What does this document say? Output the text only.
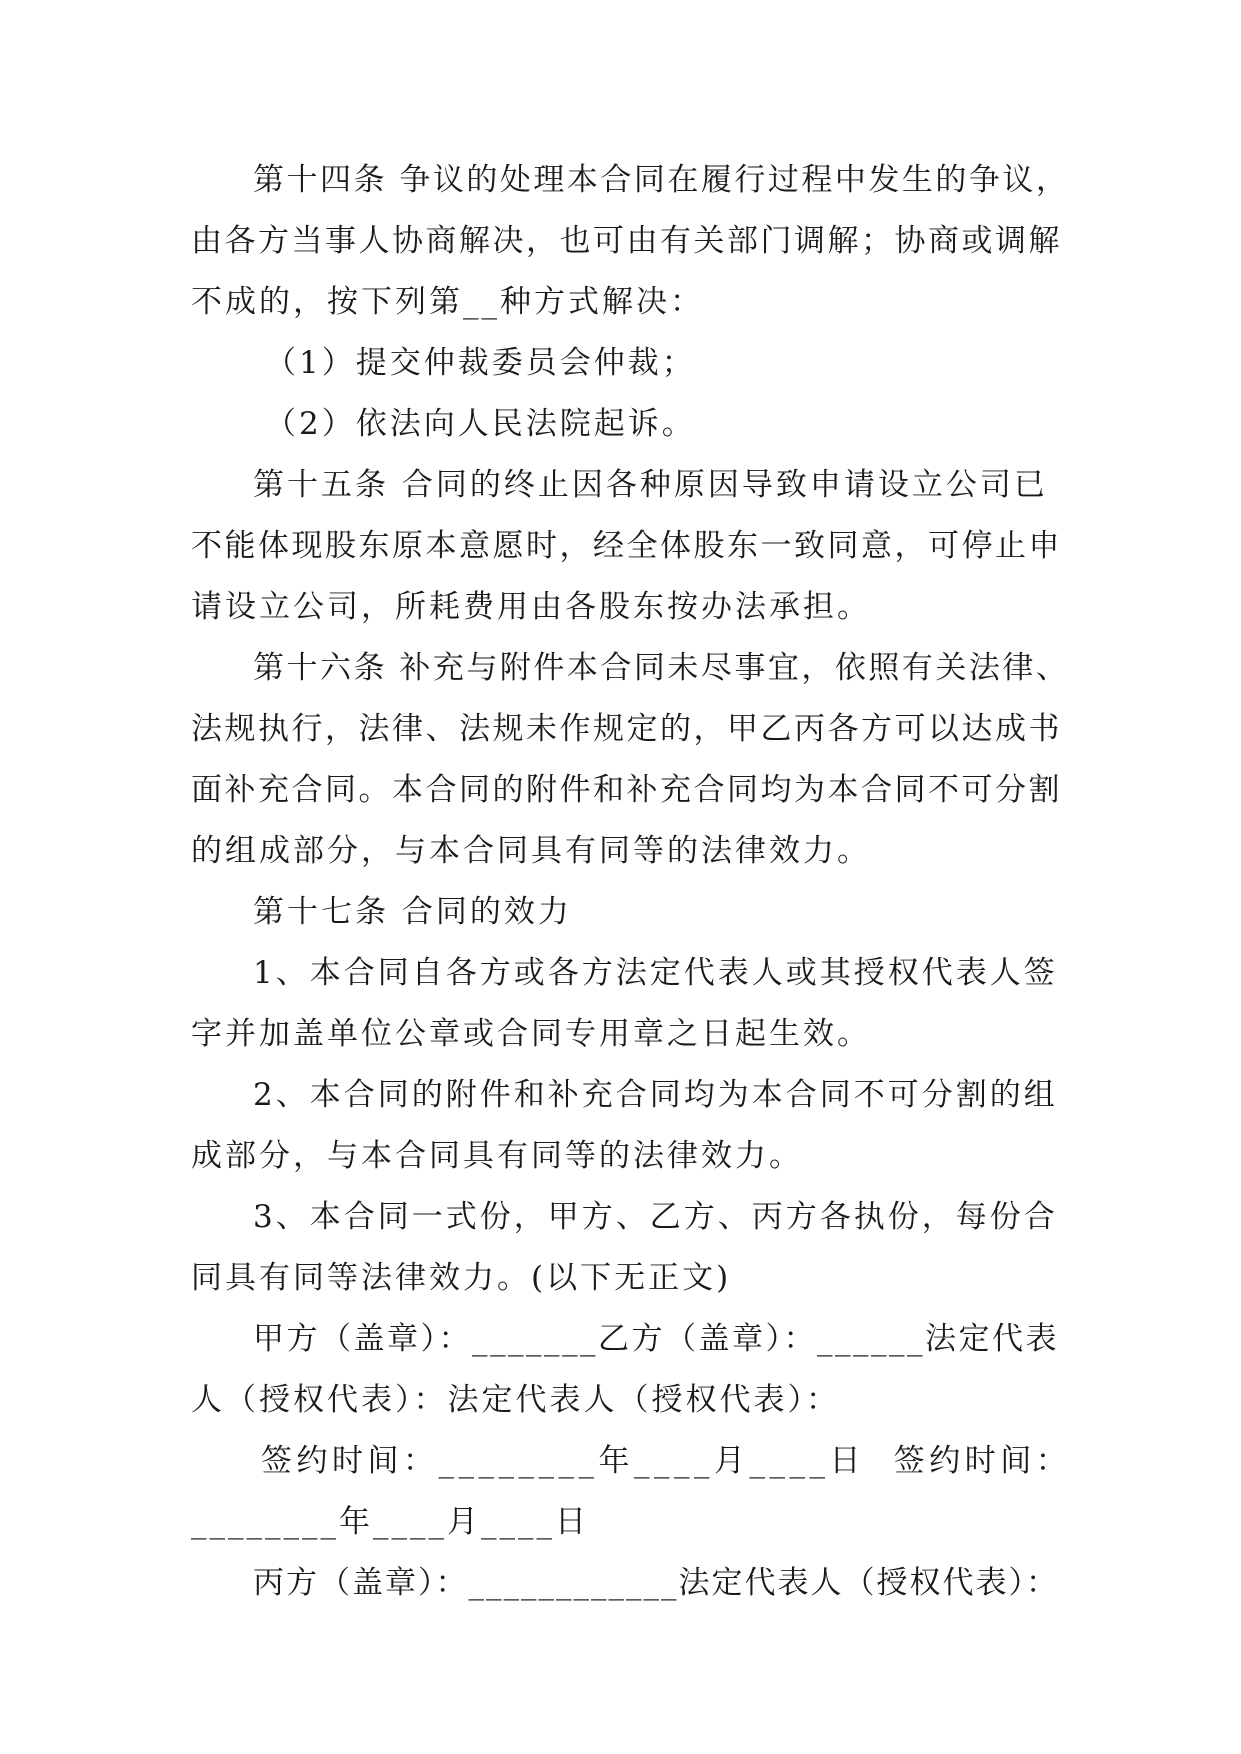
第十四条 争议的处理本合同在履行过程中发生的争议，
由各方当事人协商解决，也可由有关部门调解；协商或调解
不成的，按下列第__种方式解决：
（1）提交仲裁委员会仲裁；
（2）依法向人民法院起诉。
第十五条 合同的终止因各种原因导致申请设立公司已
不能体现股东原本意愿时，经全体股东一致同意，可停止申
请设立公司，所耗费用由各股东按办法承担。
第十六条 补充与附件本合同未尽事宜，依照有关法律、
法规执行，法律、法规未作规定的，甲乙丙各方可以达成书
面补充合同。本合同的附件和补充合同均为本合同不可分割
的组成部分，与本合同具有同等的法律效力。
第十七条 合同的效力
1、本合同自各方或各方法定代表人或其授权代表人签
字并加盖单位公章或合同专用章之日起生效。
2、本合同的附件和补充合同均为本合同不可分割的组
成部分，与本合同具有同等的法律效力。
3、本合同一式份，甲方、乙方、丙方各执份，每份合
同具有同等法律效力。(以下无正文)
甲方（盖章）：_______乙方（盖章）：______法定代表
人（授权代表）：法定代表人（授权代表）：
签约时间：________年____月____日  签约时间：
________年____月____日
丙方（盖章）：____________法定代表人（授权代表）：
